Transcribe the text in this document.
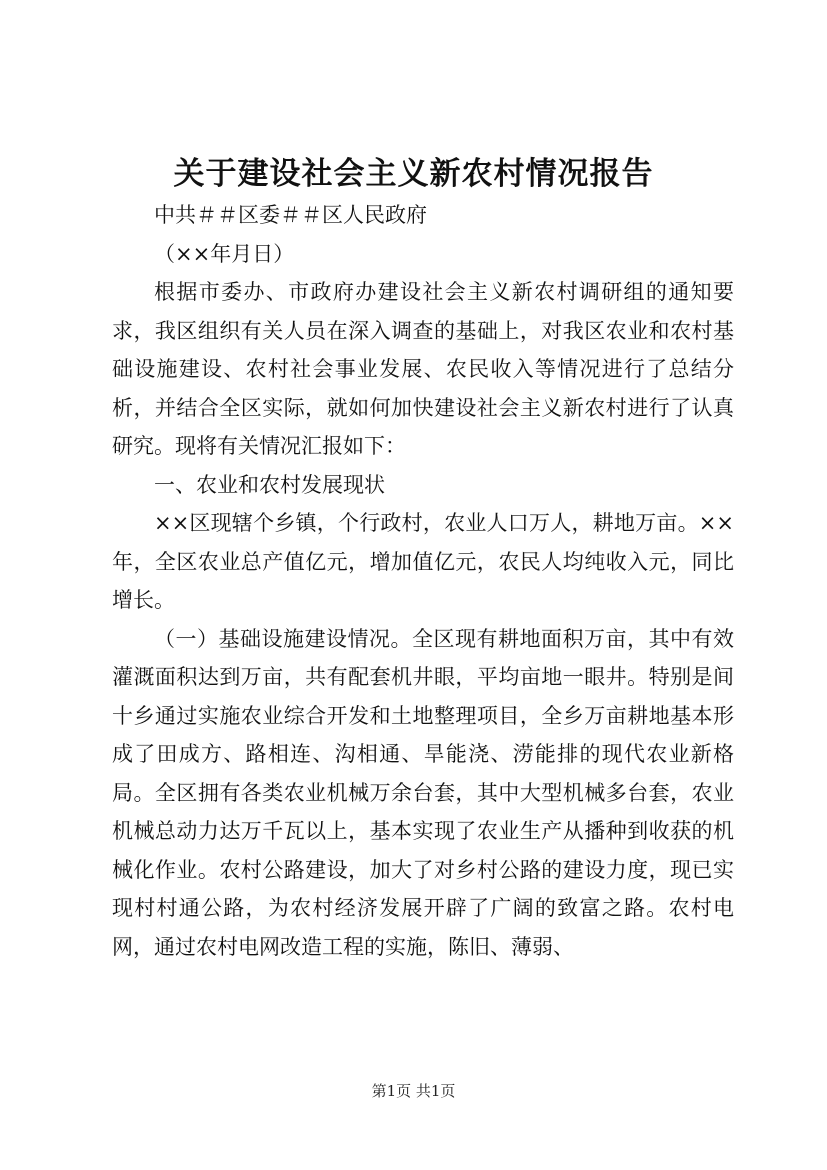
关于建设社会主义新农村情况报告

中共＃＃区委＃＃区人民政府

（××年月日）

根据市委办、市政府办建设社会主义新农村调研组的通知要求，我区组织有关人员在深入调查的基础上，对我区农业和农村基础设施建设、农村社会事业发展、农民收入等情况进行了总结分析，并结合全区实际，就如何加快建设社会主义新农村进行了认真研究。现将有关情况汇报如下：

一、农业和农村发展现状

××区现辖个乡镇，个行政村，农业人口万人，耕地万亩。××年，全区农业总产值亿元，增加值亿元，农民人均纯收入元，同比增长。

（一）基础设施建设情况。全区现有耕地面积万亩，其中有效灌溉面积达到万亩，共有配套机井眼，平均亩地一眼井。特别是间十乡通过实施农业综合开发和土地整理项目，全乡万亩耕地基本形成了田成方、路相连、沟相通、旱能浇、涝能排的现代农业新格局。全区拥有各类农业机械万余台套，其中大型机械多台套，农业机械总动力达万千瓦以上，基本实现了农业生产从播种到收获的机械化作业。农村公路建设，加大了对乡村公路的建设力度，现已实现村村通公路，为农村经济发展开辟了广阔的致富之路。农村电网，通过农村电网改造工程的实施，陈旧、薄弱、

第1页 共1页
